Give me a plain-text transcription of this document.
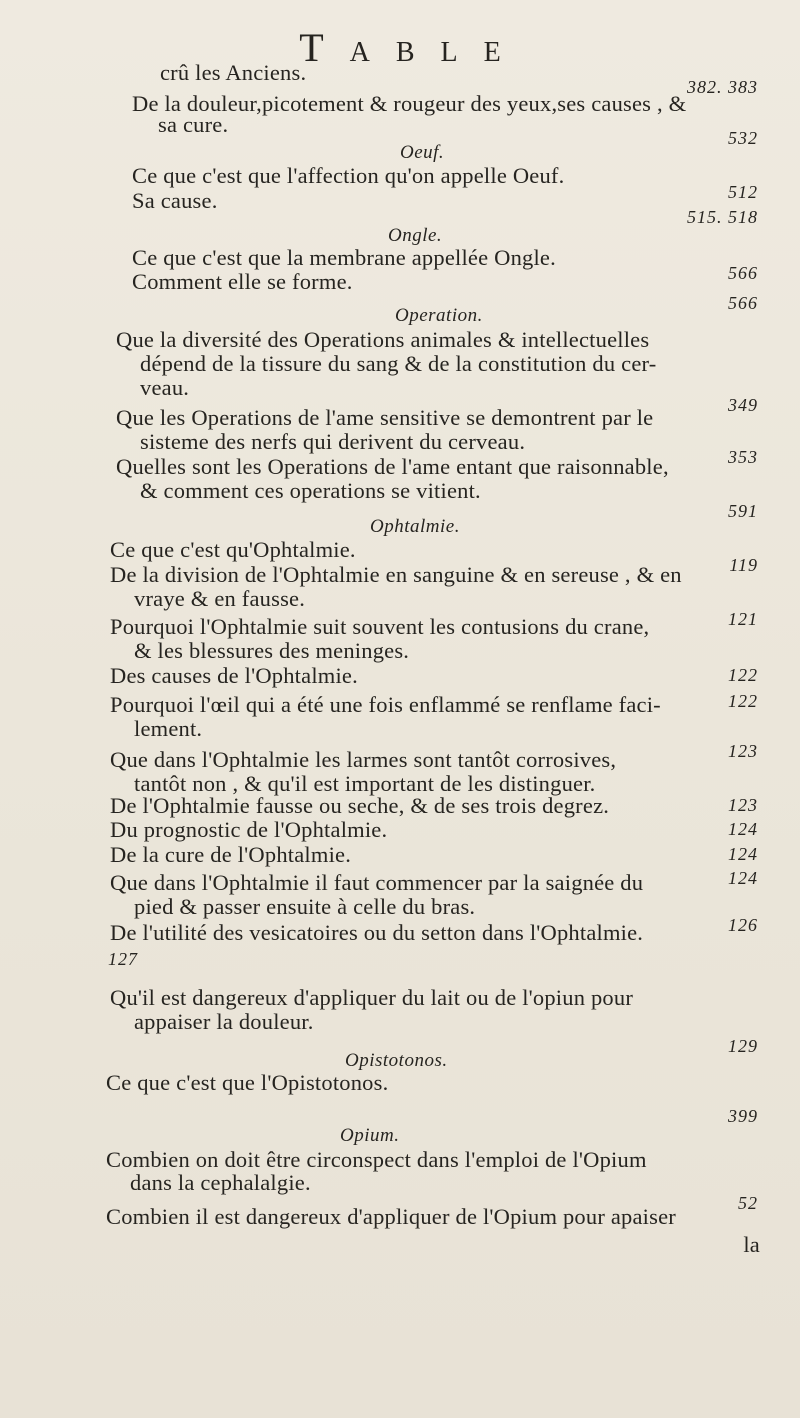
Table
crû les Anciens.
382. 383
De la douleur,picotement & rougeur des yeux,ses causes , &
sa cure.
532
Oeuf.
Ce que c'est que l'affection qu'on appelle Oeuf.
512
Sa cause.
515. 518
Ongle.
Ce que c'est que la membrane appellée Ongle.
566
Comment elle se forme.
566
Operation.
Que la diversité des Operations animales & intellectuelles
dépend de la tissure du sang & de la constitution du cer-
veau.
349
Que les Operations de l'ame sensitive se demontrent par le
sisteme des nerfs qui derivent du cerveau.
353
Quelles sont les Operations de l'ame entant que raisonnable,
& comment ces operations se vitient.
591
Ophtalmie.
Ce que c'est qu'Ophtalmie.
119
De la division de l'Ophtalmie en sanguine & en sereuse , & en
vraye & en fausse.
121
Pourquoi l'Ophtalmie suit souvent les contusions du crane,
& les blessures des meninges.
122
Des causes de l'Ophtalmie.
122
Pourquoi l'œil qui a été une fois enflammé se renflame faci-
lement.
123
Que dans l'Ophtalmie les larmes sont tantôt corrosives,
tantôt non , & qu'il est important de les distinguer.
123
De l'Ophtalmie fausse ou seche, & de ses trois degrez.
124
Du prognostic de l'Ophtalmie.
124
De la cure de l'Ophtalmie.
124
Que dans l'Ophtalmie il faut commencer par la saignée du
pied & passer ensuite à celle du bras.
126
De l'utilité des vesicatoires ou du setton dans l'Ophtalmie.
127
Qu'il est dangereux d'appliquer du lait ou de l'opiun pour
appaiser la douleur.
129
Opistotonos.
Ce que c'est que l'Opistotonos.
399
Opium.
Combien on doit être circonspect dans l'emploi de l'Opium
dans la cephalalgie.
52
Combien il est dangereux d'appliquer de l'Opium pour apaiser
la
